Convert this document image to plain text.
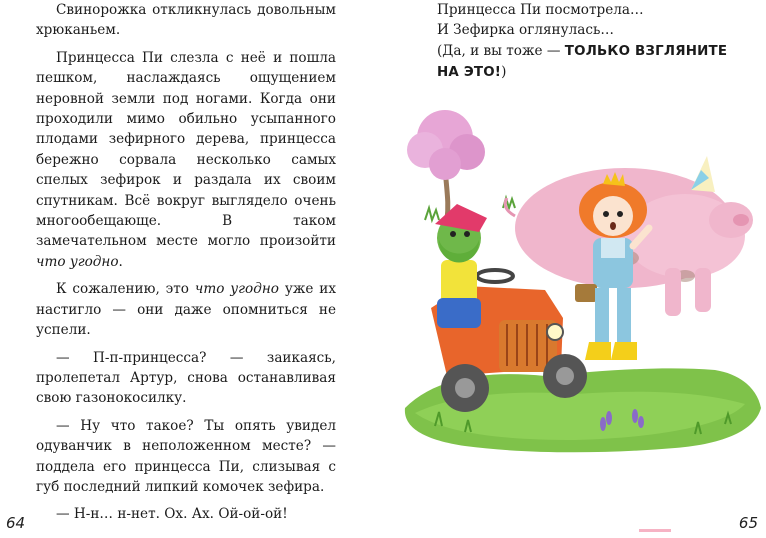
Свинорожка откликнулась довольным хрюканьем.

Принцесса Пи слезла с неё и пошла пешком, наслаждаясь ощущением неровной земли под ногами. Когда они проходили мимо обильно усыпанного плодами зефирного дерева, принцесса бережно сорвала несколько самых спелых зефирок и раздала их своим спутникам. Всё вокруг выглядело очень многообещающе. В таком замечательном месте могло произойти что угодно.

К сожалению, это что угодно уже их настигло — они даже опомниться не успели.

— П-п-принцесса? — заикаясь, пролепетал Артур, снова останавливая свою газонокосилку.

— Ну что такое? Ты опять увидел одуванчик в неположенном месте? — поддела его принцесса Пи, слизывая с губ последний липкий комочек зефира.

— Н-н… н-нет. Ох. Ах. Ой-ой-ой!

64

Принцесса Пи посмотрела…

И Зефирка оглянулась…

(Да, и вы тоже — ТОЛЬКО ВЗГЛЯНИТЕ НА ЭТО!)

65
